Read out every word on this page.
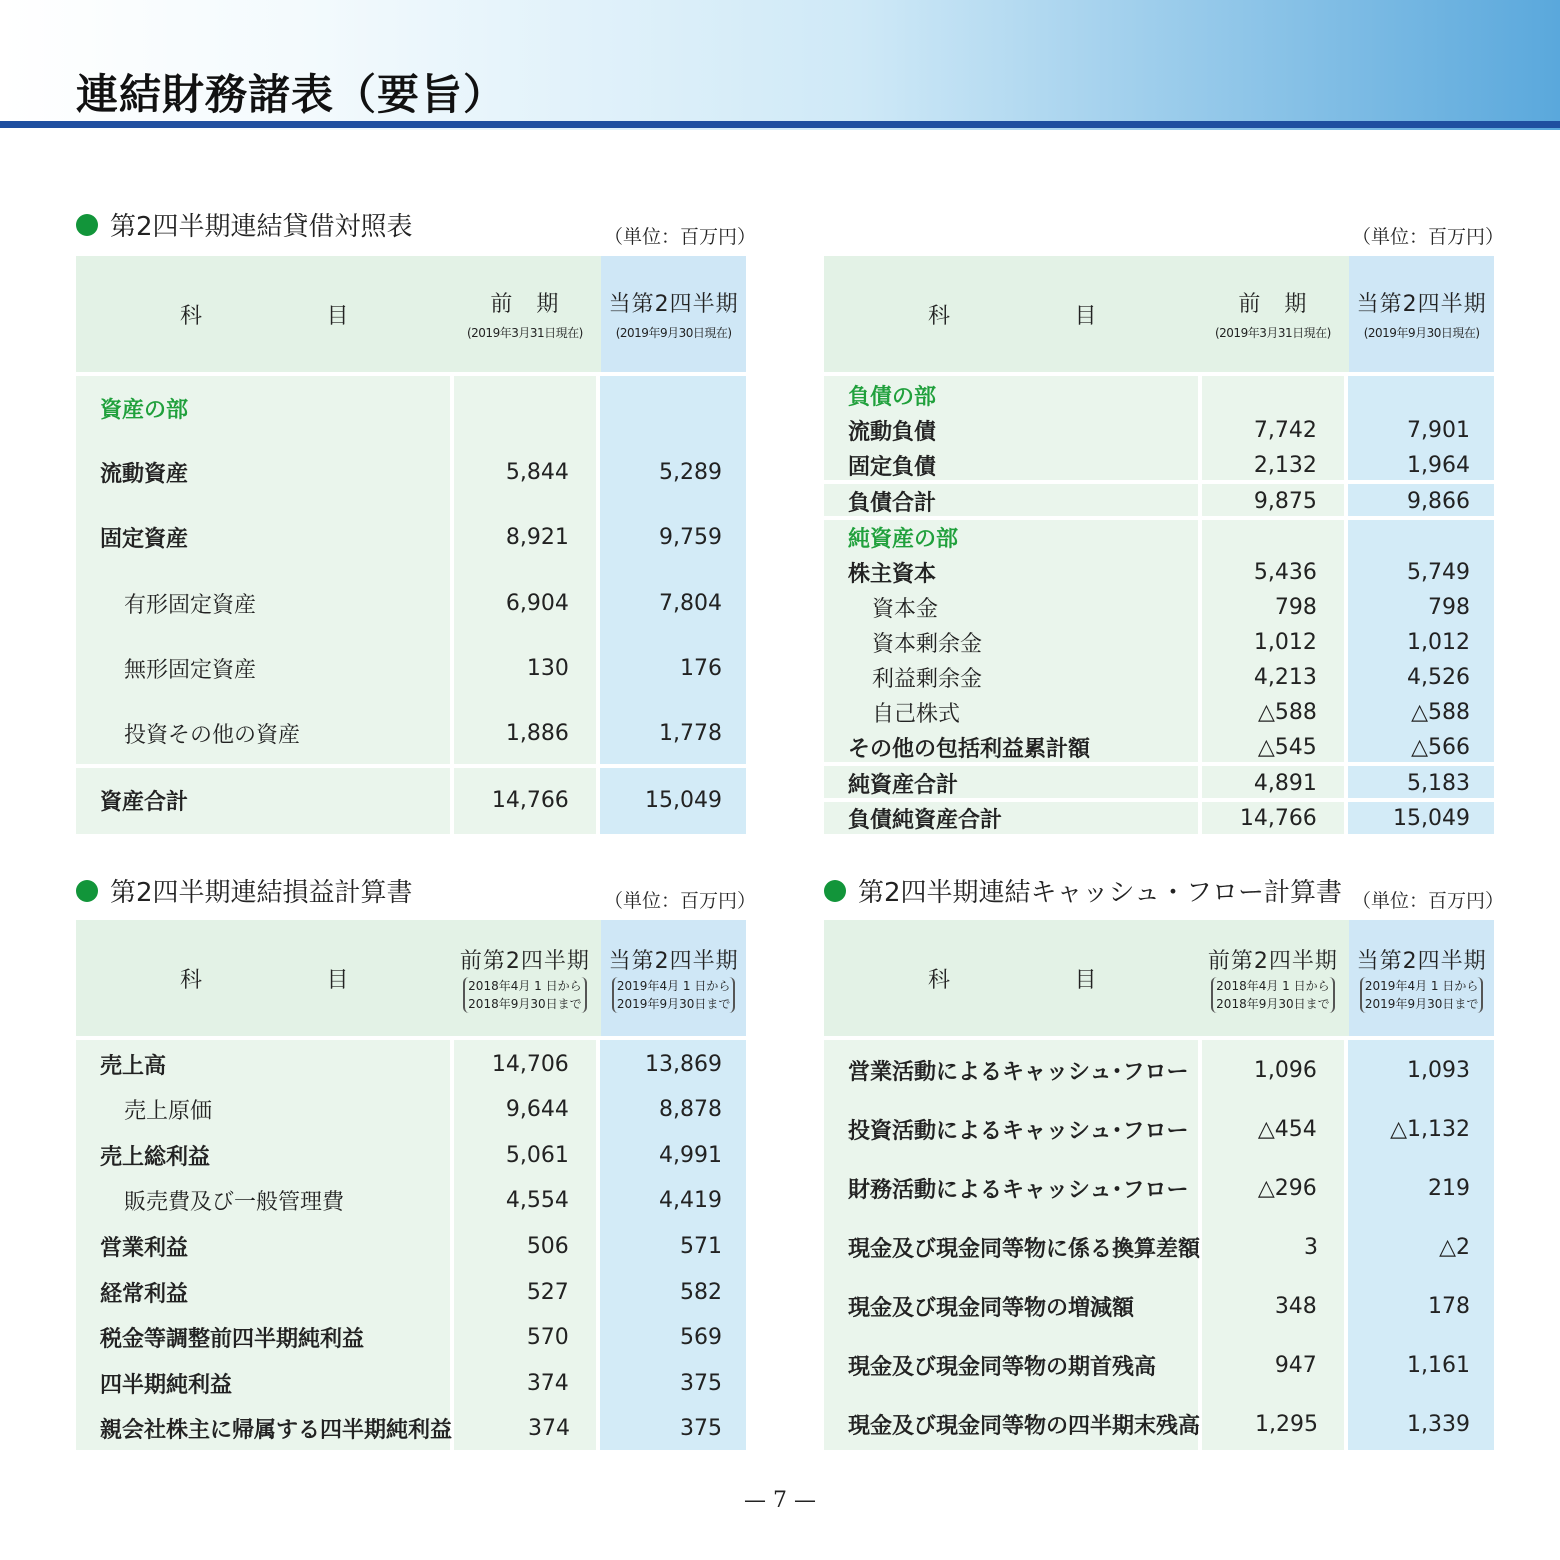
連結財務諸表（要旨）
第2四半期連結貸借対照表	（単位：百万円）	（単位：百万円）
科	目	前　期
(2019年3月31日現在)
当第2四半期
(2019年9月30日現在)
資産の部
流動資産	5,844	5,289
固定資産	8,921	9,759
有形固定資産	6,904	7,804
無形固定資産	130	176
投資その他の資産	1,886	1,778
資産合計	14,766	15,049
科	目	前　期
(2019年3月31日現在)
当第2四半期
(2019年9月30日現在)
負債の部
流動負債	7,742	7,901
固定負債	2,132	1,964
負債合計	9,875	9,866
純資産の部
株主資本	5,436	5,749
資本金	798	798
資本剰余金	1,012	1,012
利益剰余金	4,213	4,526
自己株式	△588	△588
その他の包括利益累計額	△545	△566
純資産合計	4,891	5,183
負債純資産合計	14,766	15,049
第2四半期連結損益計算書	（単位：百万円）
科	目
前第2四半期
2018年4月 1 日から
2018年9月30日まで
当第2四半期
2019年4月 1 日から
2019年9月30日まで
売上高	14,706	13,869
売上原価	9,644	8,878
売上総利益	5,061	4,991
販売費及び一般管理費	4,554	4,419
営業利益	506	571
経常利益	527	582
税金等調整前四半期純利益	570	569
四半期純利益	374	375
親会社株主に帰属する四半期純利益	374	375
第2四半期連結キャッシュ・フロー計算書 （単位：百万円）
科	目
前第2四半期
2018年4月 1 日から
2018年9月30日まで
当第2四半期
2019年4月 1 日から
2019年9月30日まで
営業活動によるキャッシュ･フロー	1,096	1,093
投資活動によるキャッシュ･フロー	△454	△1,132
財務活動によるキャッシュ･フロー	△296	219
現金及び現金同等物に係る換算差額	3	△2
現金及び現金同等物の増減額	348	178
現金及び現金同等物の期首残高	947	1,161
現金及び現金同等物の四半期末残高	1,295	1,339
— 7 —
